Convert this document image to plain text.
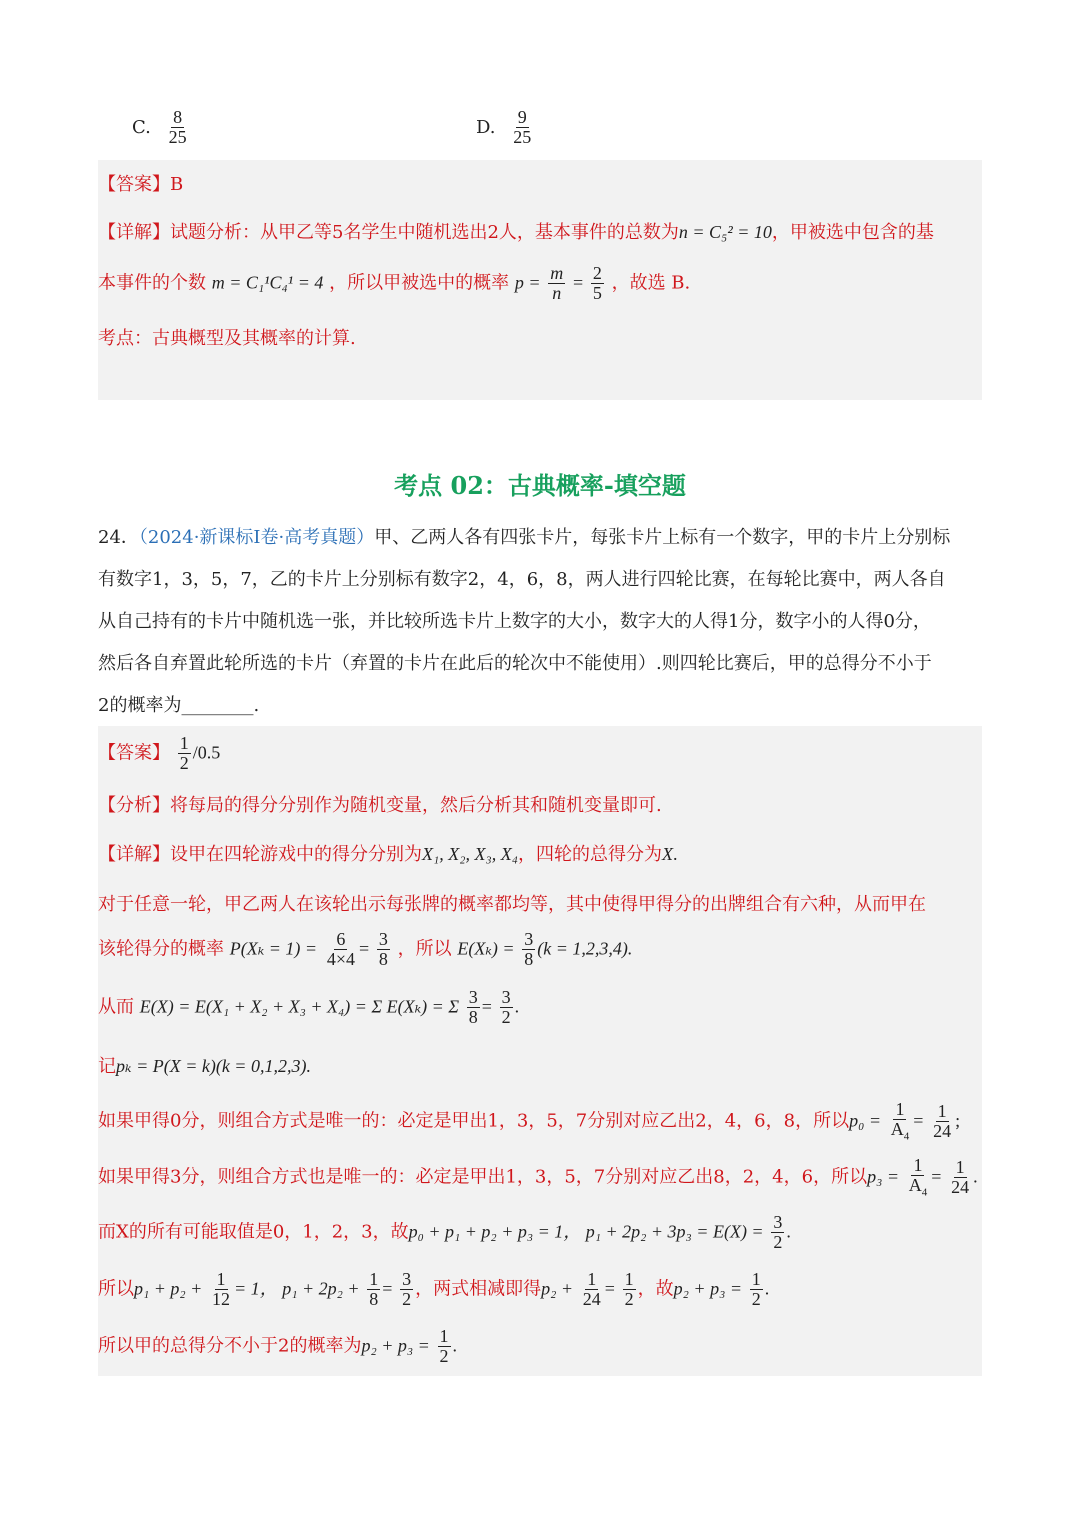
C. $\frac{8}{25}$	D. $\frac{9}{25}$
【答案】B
【详解】试题分析：从甲乙等5名学生中随机选出2人，基本事件的总数为n = C₅² = 10，甲被选中包含的基
本事件的个数 m = C₁¹C₄¹ = 4 ，所以甲被选中的概率 $p = \frac{m}{n} = \frac{2}{5}$ ，故选 B.
考点：古典概型及其概率的计算.
考点 02：古典概率-填空题
24．（2024·新课标I卷·高考真题）甲、乙两人各有四张卡片，每张卡片上标有一个数字，甲的卡片上分别标
有数字1，3，5，7，乙的卡片上分别标有数字2，4，6，8，两人进行四轮比赛，在每轮比赛中，两人各自
从自己持有的卡片中随机选一张，并比较所选卡片上数字的大小，数字大的人得1分，数字小的人得0分，
然后各自弃置此轮所选的卡片（弃置的卡片在此后的轮次中不能使用）.则四轮比赛后，甲的总得分不小于
2的概率为________.
【答案】 $\frac{1}{2} /0.5$
【分析】将每局的得分分别作为随机变量，然后分析其和随机变量即可.
【详解】设甲在四轮游戏中的得分分别为X₁, X₂, X₃, X₄，四轮的总得分为X.
对于任意一轮，甲乙两人在该轮出示每张牌的概率都均等，其中使得甲得分的出牌组合有六种，从而甲在
该轮得分的概率 $P(X_k = 1) = \frac{6}{4\times 4} = \frac{3}{8}$ ，所以 $E(X_k) = \frac{3}{8} (k = 1,2,3,4)$.
从而 E(X) = E(X₁ + X₂ + X₃ + X₄) = Σ E(Xₖ) = Σ $\frac{3}{8} = \frac{3}{2}$ .
记pₖ = P(X = k)(k = 0,1,2,3).
如果甲得0分，则组合方式是唯一的：必定是甲出1，3，5，7分别对应乙出2，4，6，8，所以$p_0 = \frac{1}{A_4} = \frac{1}{24}$ ;
如果甲得3分，则组合方式也是唯一的：必定是甲出1，3，5，7分别对应乙出8，2，4，6，所以$p_3 = \frac{1}{A_4} = \frac{1}{24}$ .
而X的所有可能取值是0，1，2，3，故p₀ + p₁ + p₂ + p₃ = 1， $p_1 + 2p_2 + 3p_3 = E(X) = \frac{3}{2}$ .
所以$p_1 + p_2 + \frac{1}{12} = 1$， $p_1 + 2p_2 + \frac{1}{8} = \frac{3}{2}$ ，两式相减即得$p_2 + \frac{1}{24} = \frac{1}{2}$ ，故$p_2 + p_3 = \frac{1}{2}$ .
所以甲的总得分不小于2的概率为$p_2 + p_3 = \frac{1}{2}$ .
